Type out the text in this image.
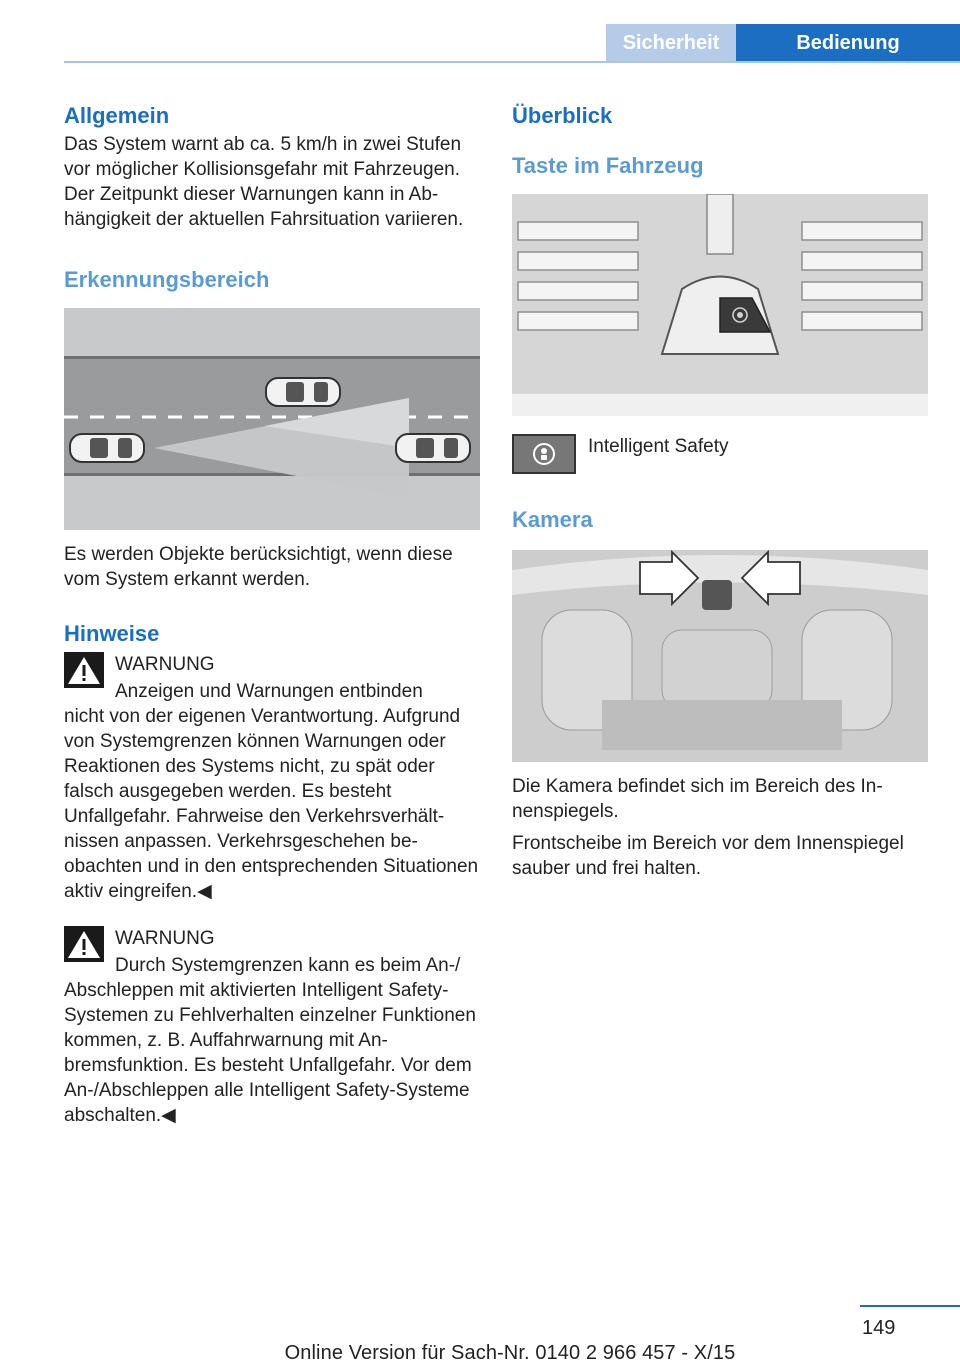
Sicherheit	Bedienung
Allgemein

Das System warnt ab ca. 5 km/h in zwei Stufen vor möglicher Kollisionsgefahr mit Fahrzeugen. Der Zeitpunkt dieser Warnungen kann in Abhängigkeit der aktuellen Fahrsituation variieren.

Erkennungsbereich

Es werden Objekte berücksichtigt, wenn diese vom System erkannt werden.

Hinweise
WARNUNG
Anzeigen und Warnungen entbinden
nicht von der eigenen Verantwortung. Aufgrund von Systemgrenzen können Warnungen oder Reaktionen des Systems nicht, zu spät oder falsch ausgegeben werden. Es besteht Unfallgefahr. Fahrweise den Verkehrsverhältnissen anpassen. Verkehrsgeschehen beobachten und in den entsprechenden Situationen aktiv eingreifen.◀
WARNUNG
Durch Systemgrenzen kann es beim An-/
Abschleppen mit aktivierten Intelligent Safety-Systemen zu Fehlverhalten einzelner Funktionen kommen, z. B. Auffahrwarnung mit Anbremsfunktion. Es besteht Unfallgefahr. Vor dem An-/Abschleppen alle Intelligent Safety-Systeme abschalten.◀
Überblick
Taste im Fahrzeug
Intelligent Safety
Kamera

Die Kamera befindet sich im Bereich des Innenspiegels.

Frontscheibe im Bereich vor dem Innenspiegel sauber und frei halten.

149
Online Version für Sach-Nr. 0140 2 966 457 - X/15
